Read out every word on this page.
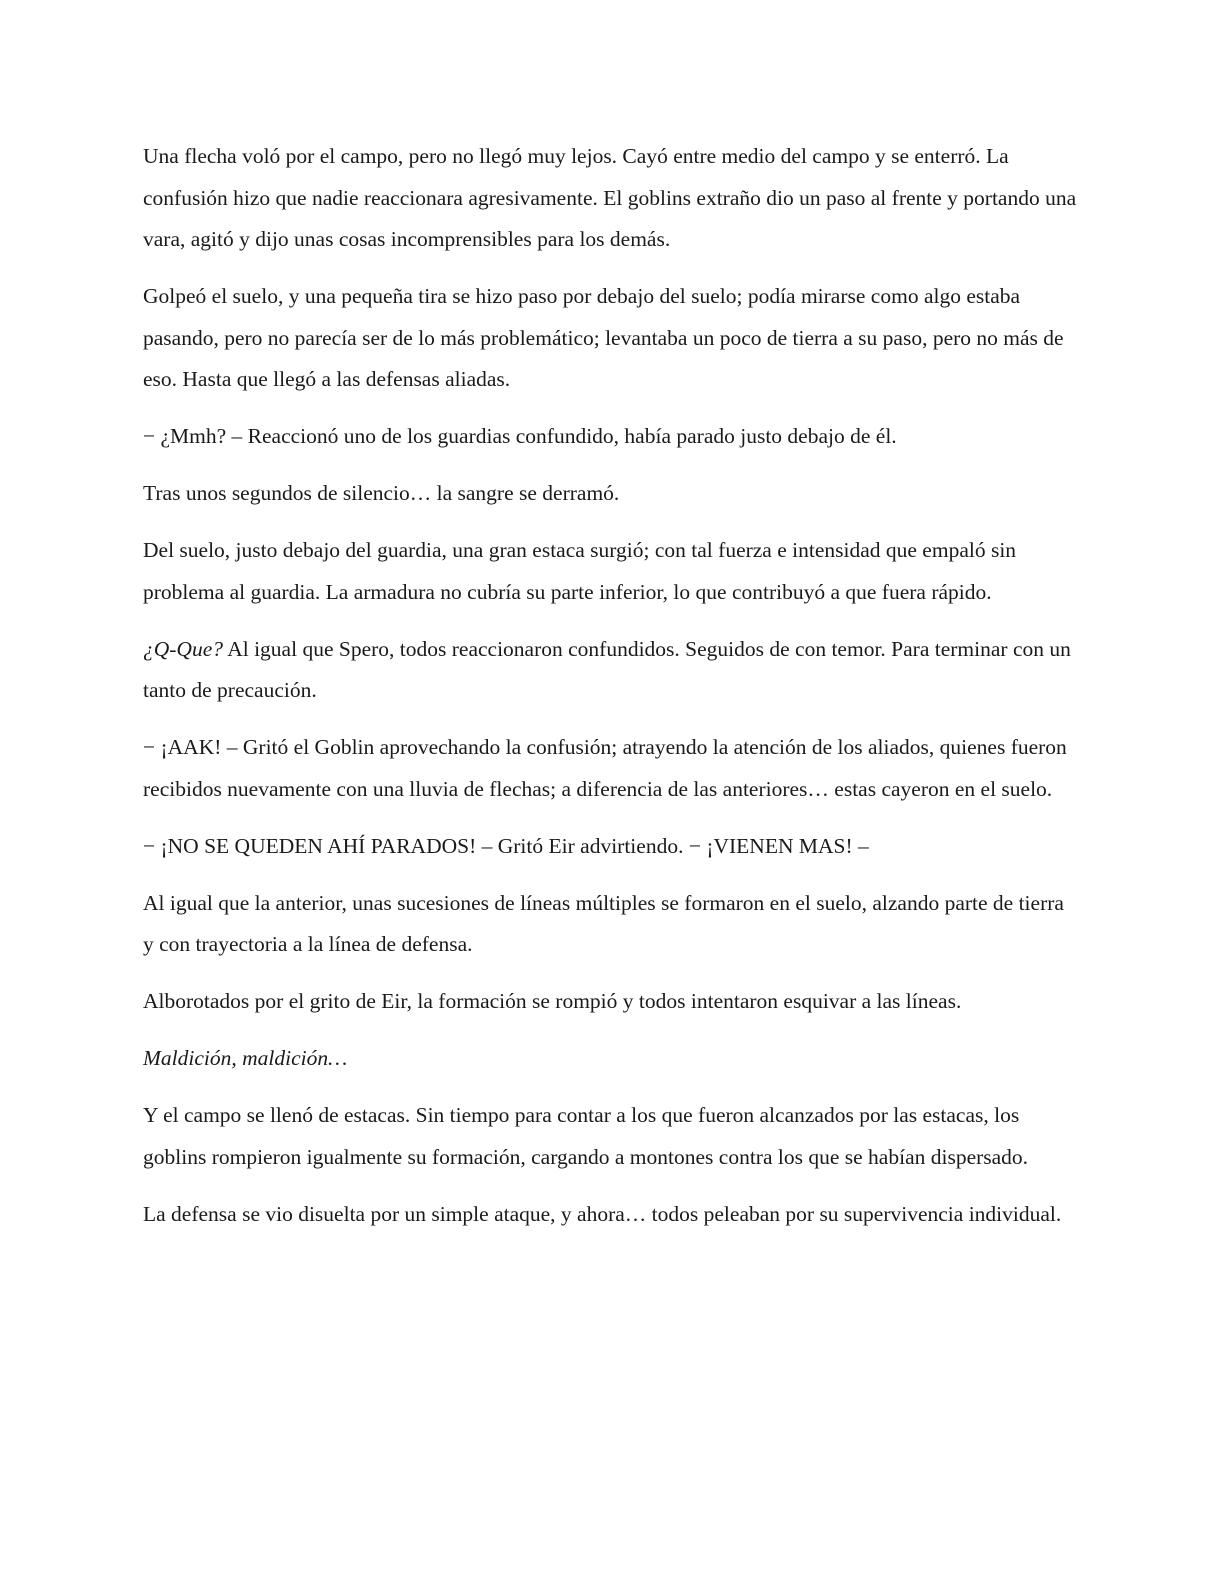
Una flecha voló por el campo, pero no llegó muy lejos. Cayó entre medio del campo y se enterró. La confusión hizo que nadie reaccionara agresivamente. El goblins extraño dio un paso al frente y portando una vara, agitó y dijo unas cosas incomprensibles para los demás.

Golpeó el suelo, y una pequeña tira se hizo paso por debajo del suelo; podía mirarse como algo estaba pasando, pero no parecía ser de lo más problemático; levantaba un poco de tierra a su paso, pero no más de eso. Hasta que llegó a las defensas aliadas.

− ¿Mmh? – Reaccionó uno de los guardias confundido, había parado justo debajo de él.

Tras unos segundos de silencio… la sangre se derramó.

Del suelo, justo debajo del guardia, una gran estaca surgió; con tal fuerza e intensidad que empaló sin problema al guardia. La armadura no cubría su parte inferior, lo que contribuyó a que fuera rápido.

¿Q-Que? Al igual que Spero, todos reaccionaron confundidos. Seguidos de con temor. Para terminar con un tanto de precaución.

− ¡AAK! – Gritó el Goblin aprovechando la confusión; atrayendo la atención de los aliados, quienes fueron recibidos nuevamente con una lluvia de flechas; a diferencia de las anteriores… estas cayeron en el suelo.

− ¡NO SE QUEDEN AHÍ PARADOS! – Gritó Eir advirtiendo. − ¡VIENEN MAS! –

Al igual que la anterior, unas sucesiones de líneas múltiples se formaron en el suelo, alzando parte de tierra y con trayectoria a la línea de defensa.

Alborotados por el grito de Eir, la formación se rompió y todos intentaron esquivar a las líneas.

Maldición, maldición…

Y el campo se llenó de estacas. Sin tiempo para contar a los que fueron alcanzados por las estacas, los goblins rompieron igualmente su formación, cargando a montones contra los que se habían dispersado.

La defensa se vio disuelta por un simple ataque, y ahora… todos peleaban por su supervivencia individual.
